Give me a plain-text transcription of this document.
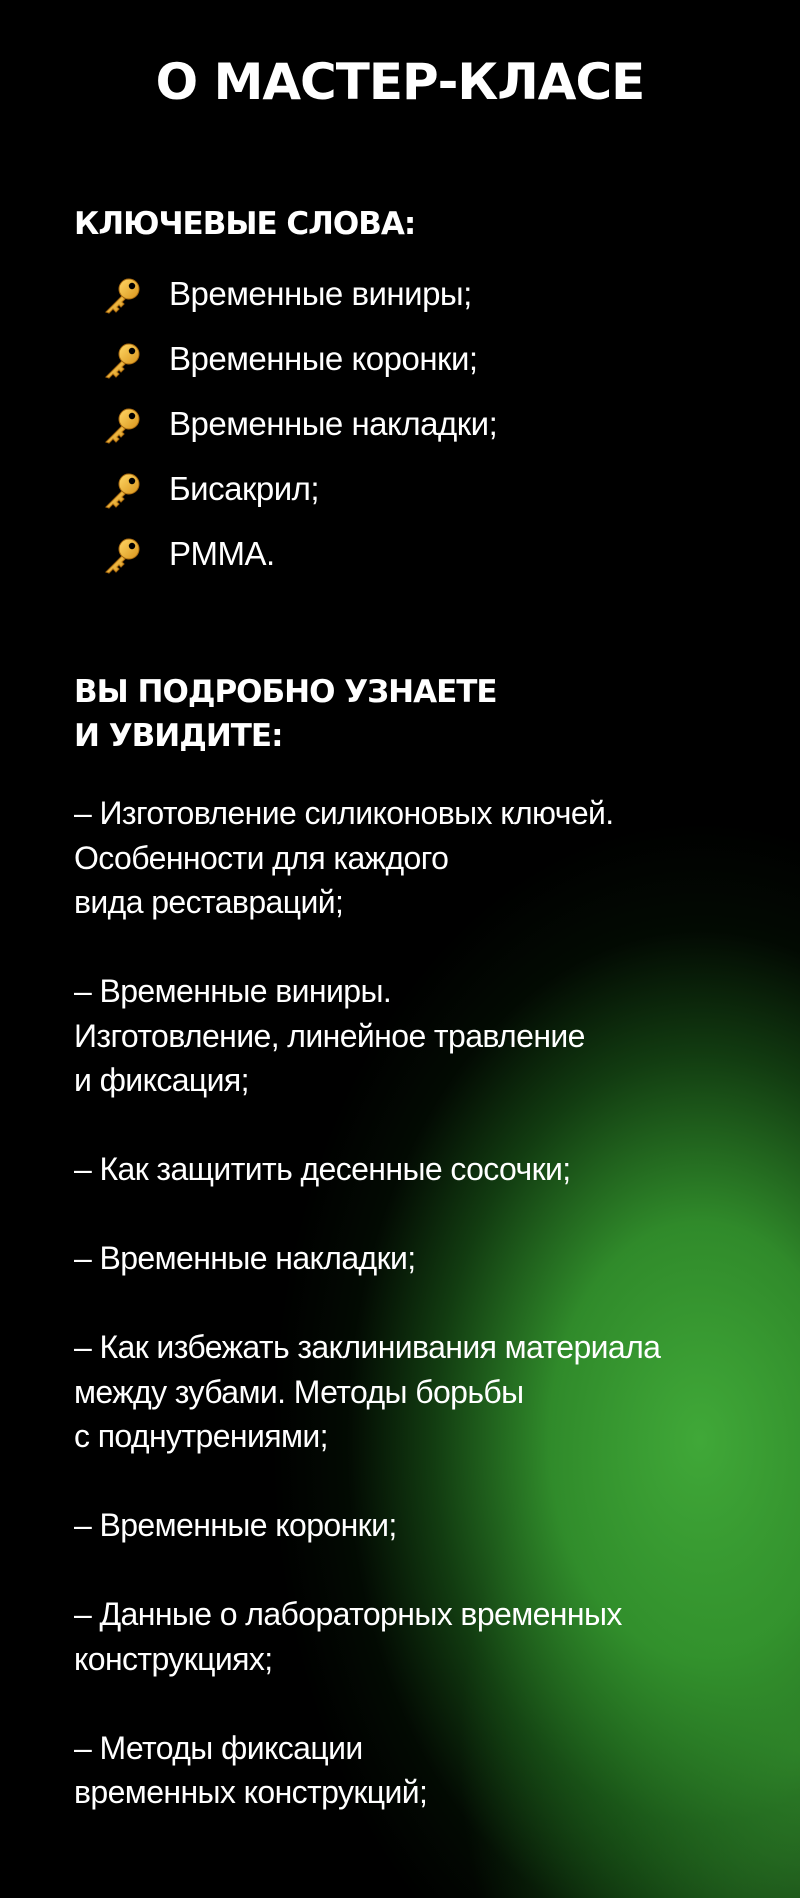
О МАСТЕР-КЛАСЕ
КЛЮЧЕВЫЕ СЛОВА:
Временные виниры;
Временные коронки;
Временные накладки;
Бисакрил;
PMMA.
ВЫ ПОДРОБНО УЗНАЕТЕ
И УВИДИТЕ:
– Изготовление силиконовых ключей.
Особенности для каждого
вида реставраций;
– Временные виниры.
Изготовление, линейное травление
и фиксация;
– Как защитить десенные сосочки;
– Временные накладки;
– Как избежать заклинивания материала
между зубами. Методы борьбы
с поднутрениями;
– Временные коронки;
– Данные о лабораторных временных
конструкциях;
– Методы фиксации
временных конструкций;
